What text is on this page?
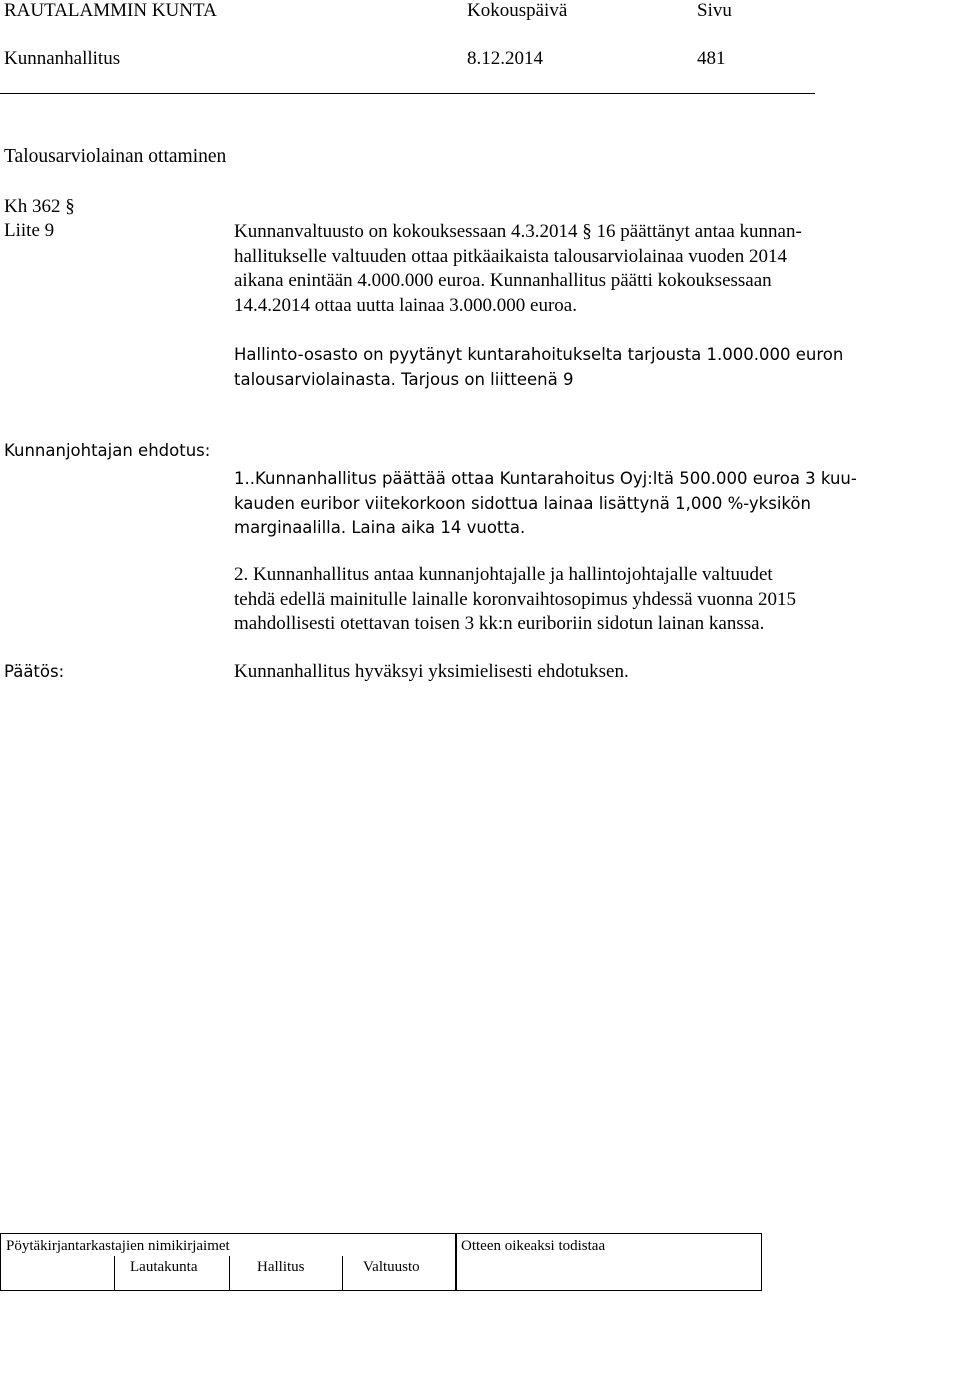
RAUTALAMMIN KUNTA	Kokouspäivä	Sivu
Kunnanhallitus	8.12.2014	481
Talousarviolainan ottaminen
Kh 362 §
Liite 9	Kunnanvaltuusto on kokouksessaan 4.3.2014 § 16 päättänyt antaa kunnan-
hallitukselle valtuuden ottaa pitkäaikaista talousarviolainaa vuoden 2014
aikana enintään 4.000.000 euroa. Kunnanhallitus päätti kokouksessaan
14.4.2014 ottaa uutta lainaa 3.000.000 euroa.
Hallinto-osasto on pyytänyt kuntarahoitukselta tarjousta 1.000.000 euron
talousarviolainasta. Tarjous on liitteenä 9
Kunnanjohtajan ehdotus:
1..Kunnanhallitus päättää ottaa Kuntarahoitus Oyj:ltä 500.000 euroa 3 kuu-
kauden euribor viitekorkoon sidottua lainaa lisättynä 1,000 %-yksikön
marginaalilla. Laina aika 14 vuotta.
2. Kunnanhallitus antaa kunnanjohtajalle ja hallintojohtajalle valtuudet
tehdä edellä mainitulle lainalle koronvaihtosopimus yhdessä vuonna 2015
mahdollisesti otettavan toisen 3 kk:n euriboriin sidotun lainan kanssa.
Päätös:	Kunnanhallitus hyväksyi yksimielisesti ehdotuksen.
Pöytäkirjantarkastajien nimikirjaimet
Lautakunta	Hallitus	Valtuusto
Otteen oikeaksi todistaa
